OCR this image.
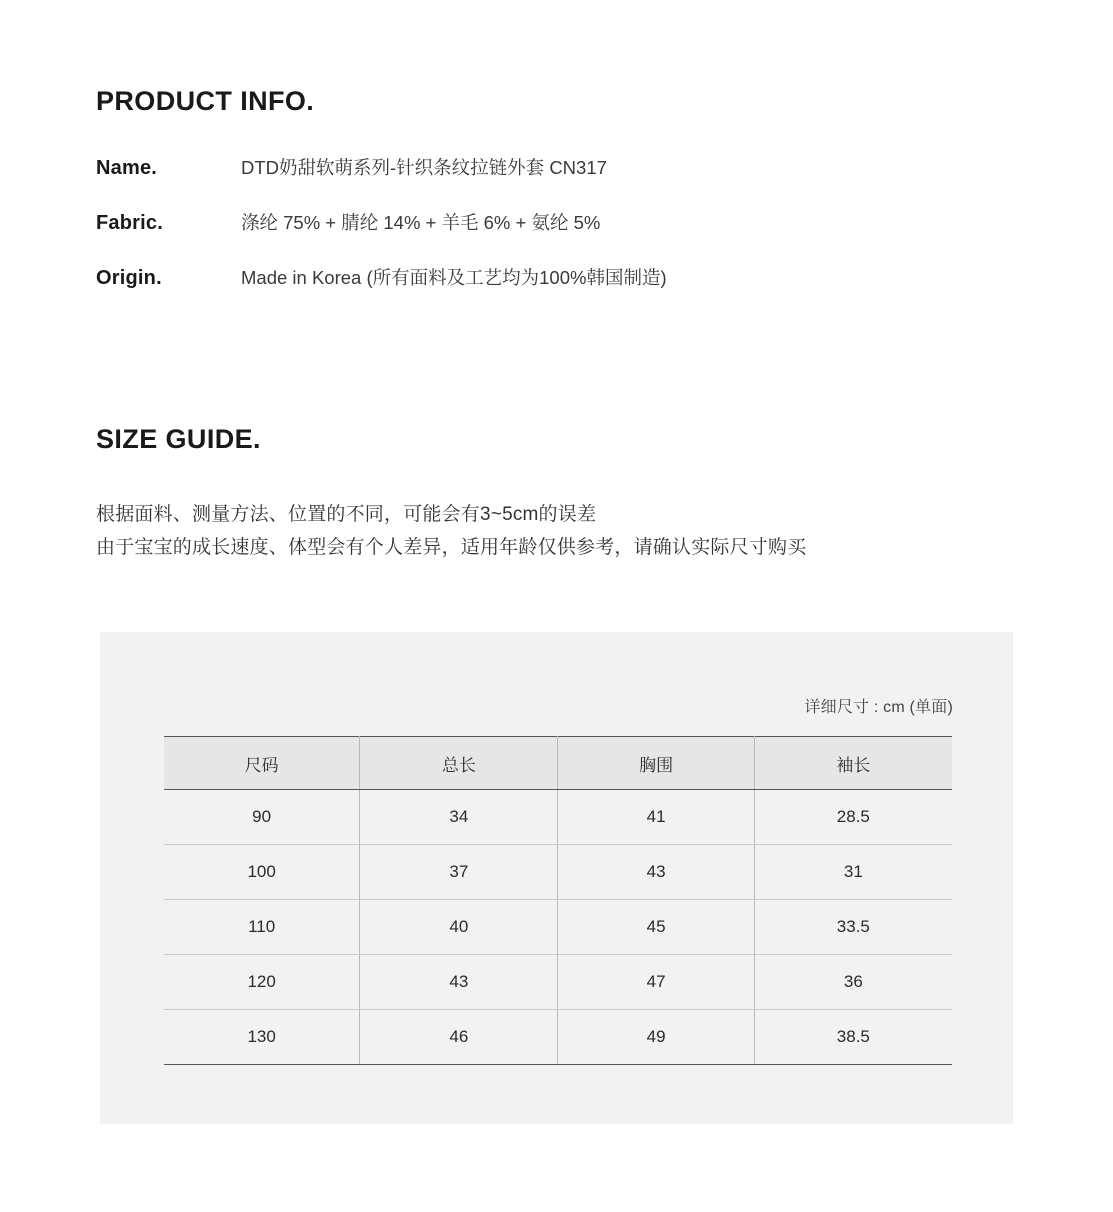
PRODUCT INFO.
Name.	DTD奶甜软萌系列-针织条纹拉链外套 CN317
Fabric.	涤纶 75% + 腈纶 14% + 羊毛 6% + 氨纶 5%
Origin.	Made in Korea (所有面料及工艺均为100%韩国制造)
SIZE GUIDE.
根据面料、测量方法、位置的不同，可能会有3~5cm的误差
由于宝宝的成长速度、体型会有个人差异，适用年龄仅供参考，请确认实际尺寸购买
详细尺寸 : cm (单面)
尺码	总长	胸围	袖长
90	34	41	28.5
100	37	43	31
110	40	45	33.5
120	43	47	36
130	46	49	38.5
